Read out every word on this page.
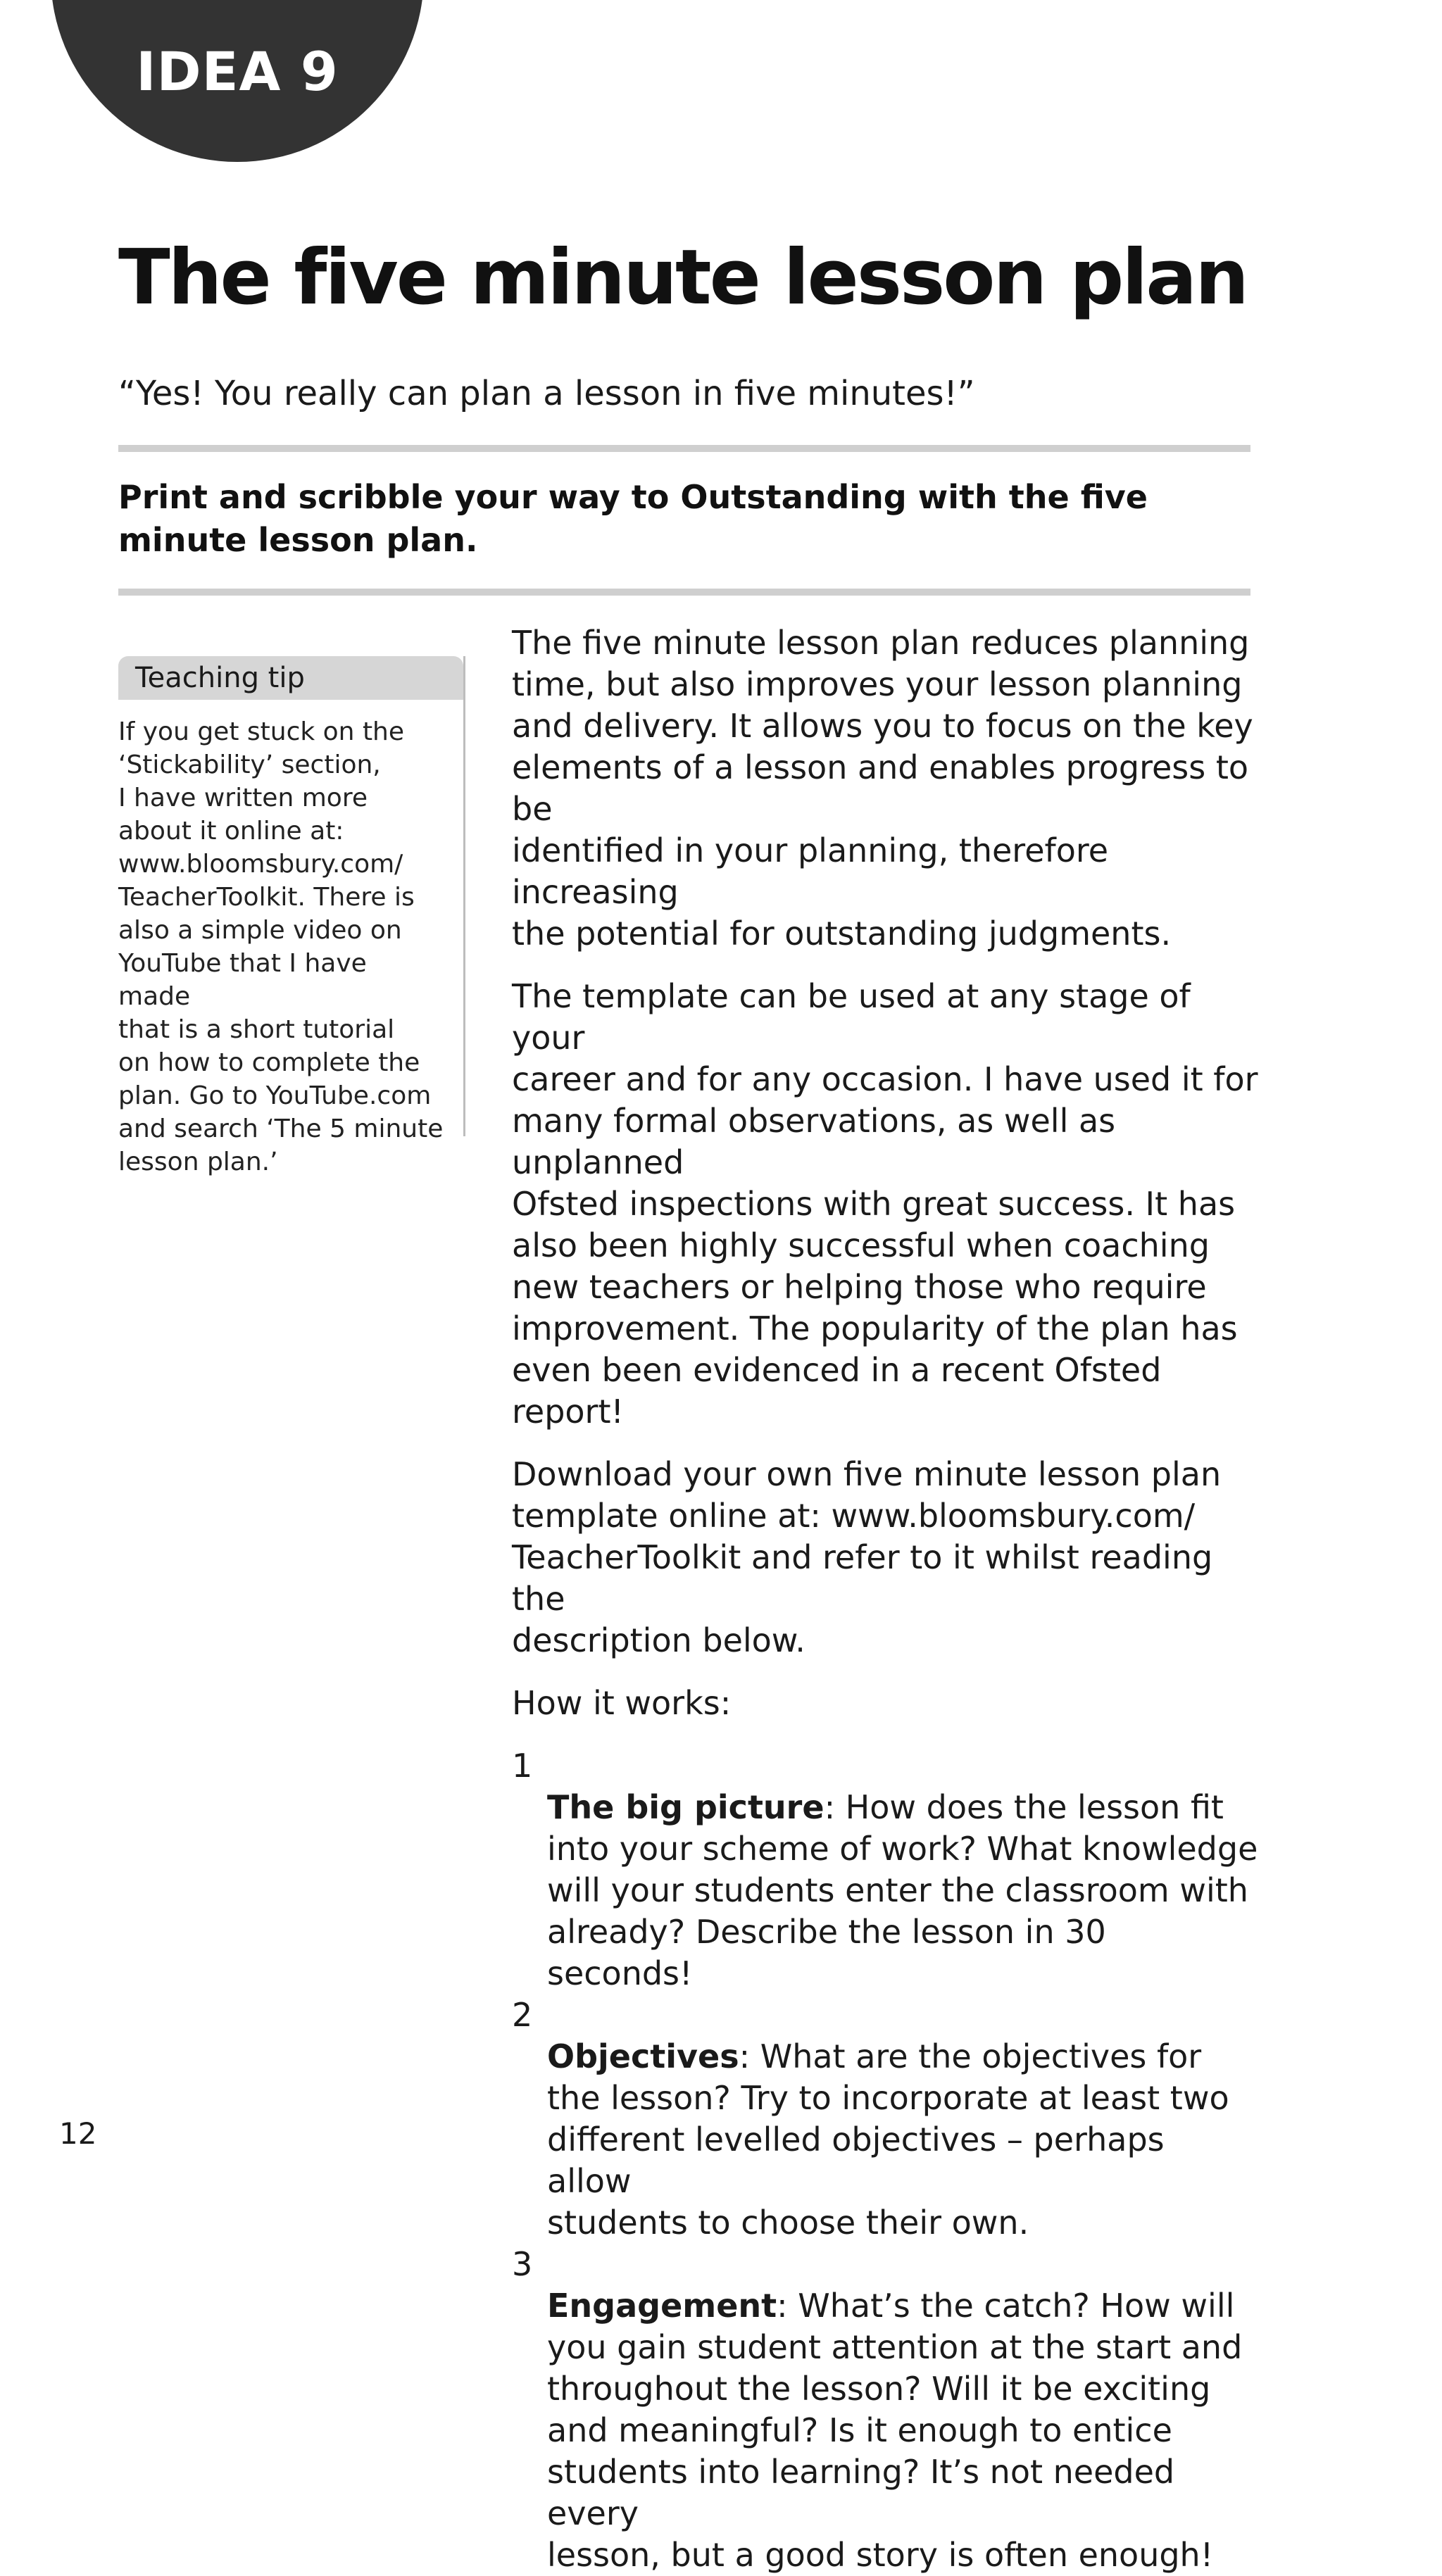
IDEA 9
The five minute lesson plan
“Yes! You really can plan a lesson in five minutes!”
Print and scribble your way to Outstanding with the five minute lesson plan.
Teaching tip
If you get stuck on the
‘Stickability’ section,
I have written more
about it online at:
www.bloomsbury.com/
TeacherToolkit. There is
also a simple video on
YouTube that I have made
that is a short tutorial
on how to complete the
plan. Go to YouTube.com
and search ‘The 5 minute
lesson plan.’

The five minute lesson plan reduces planning
time, but also improves your lesson planning
and delivery. It allows you to focus on the key
elements of a lesson and enables progress to be
identified in your planning, therefore increasing
the potential for outstanding judgments.

The template can be used at any stage of your
career and for any occasion. I have used it for
many formal observations, as well as unplanned
Ofsted inspections with great success. It has
also been highly successful when coaching
new teachers or helping those who require
improvement. The popularity of the plan has
even been evidenced in a recent Ofsted report!

Download your own five minute lesson plan
template online at: www.bloomsbury.com/
TeacherToolkit and refer to it whilst reading the
description below.

How it works:

1
The big picture: How does the lesson fit
into your scheme of work? What knowledge
will your students enter the classroom with
already? Describe the lesson in 30 seconds!

2
Objectives: What are the objectives for
the lesson? Try to incorporate at least two
different levelled objectives – perhaps allow
students to choose their own.

3
Engagement: What’s the catch? How will
you gain student attention at the start and
throughout the lesson? Will it be exciting
and meaningful? Is it enough to entice
students into learning? It’s not needed every
lesson, but a good story is often enough!

12
